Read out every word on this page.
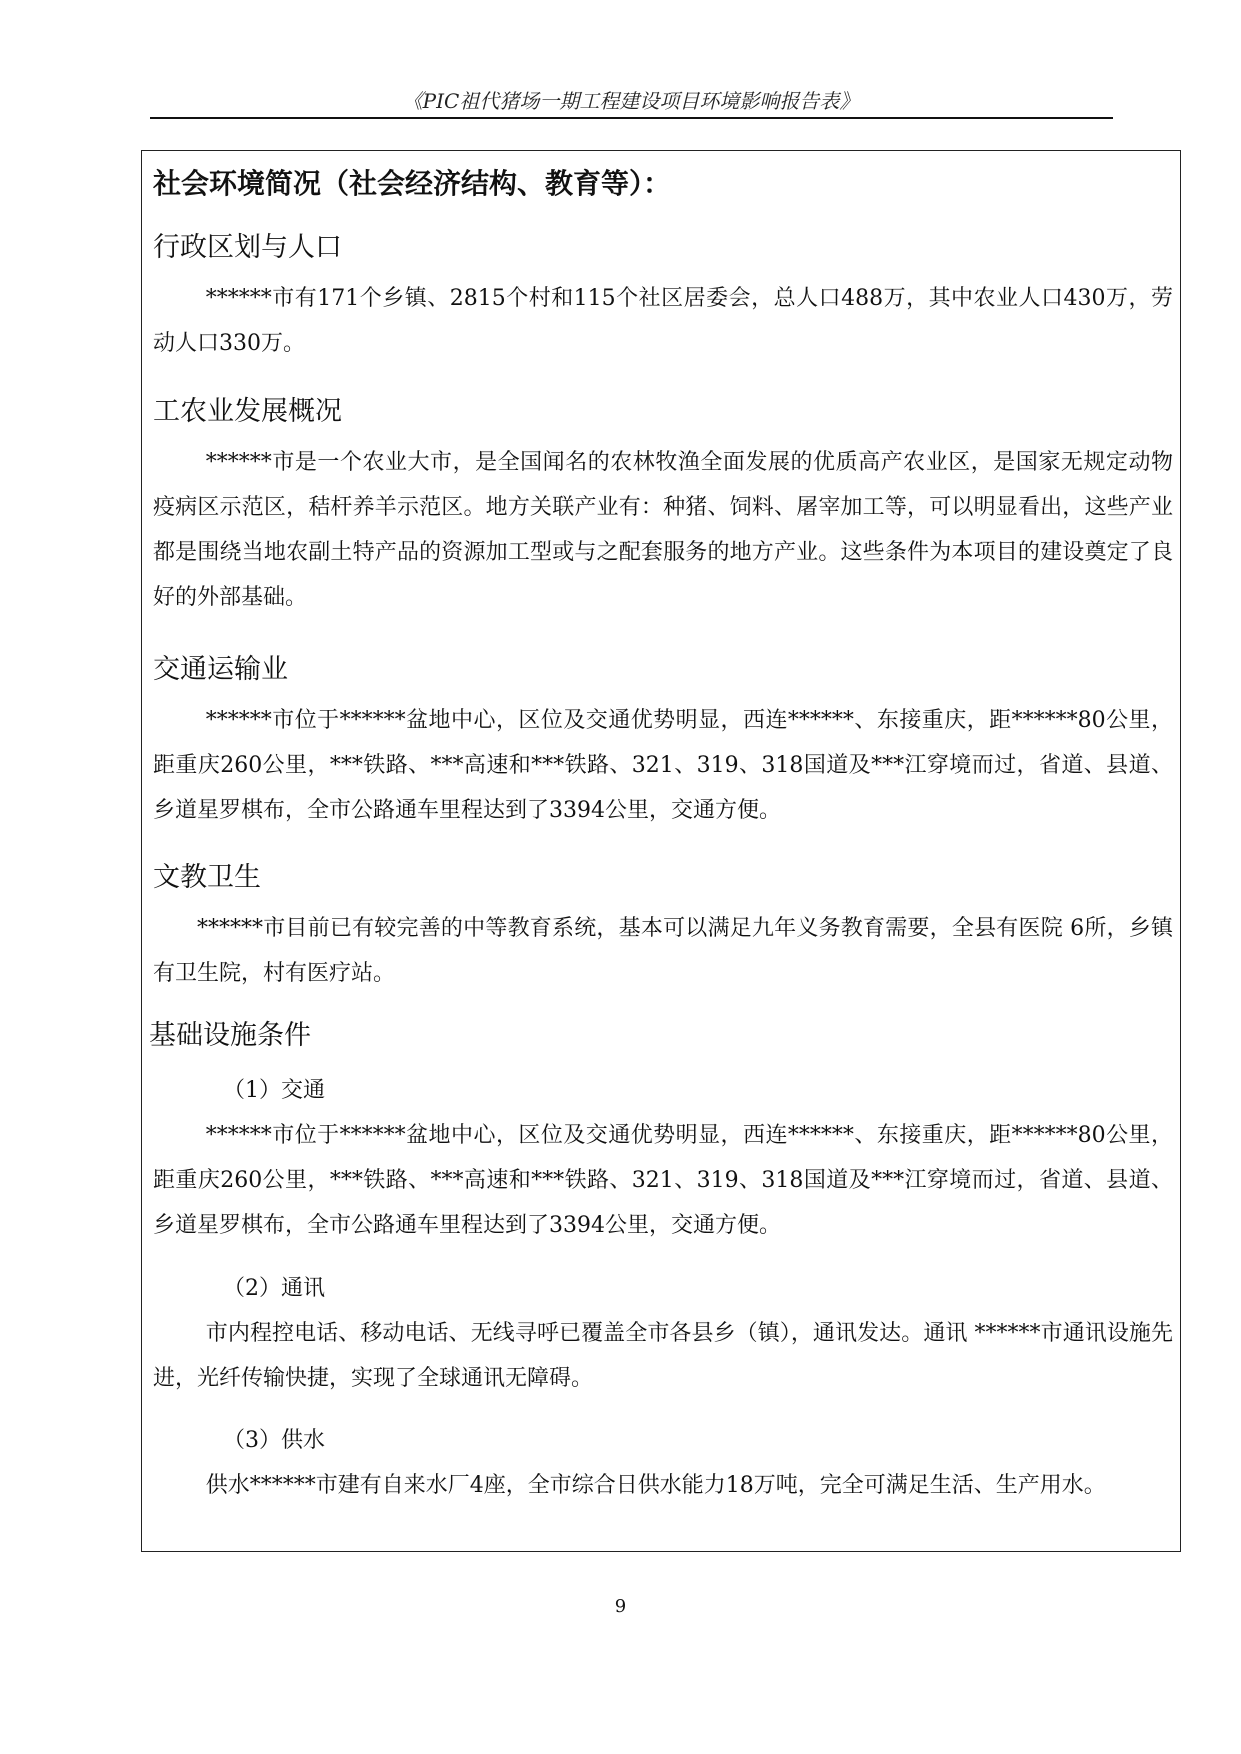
《PIC祖代猪场一期工程建设项目环境影响报告表》
社会环境简况（社会经济结构、教育等）：
行政区划与人口
******市有171个乡镇、2815个村和115个社区居委会，总人口488万，其中农业人口430万，劳动人口330万。
工农业发展概况
******市是一个农业大市，是全国闻名的农林牧渔全面发展的优质高产农业区，是国家无规定动物疫病区示范区，秸杆养羊示范区。地方关联产业有：种猪、饲料、屠宰加工等，可以明显看出，这些产业都是围绕当地农副土特产品的资源加工型或与之配套服务的地方产业。这些条件为本项目的建设奠定了良好的外部基础。
交通运输业
******市位于******盆地中心，区位及交通优势明显，西连******、东接重庆，距******80公里，距重庆260公里，***铁路、***高速和***铁路、321、319、318国道及***江穿境而过，省道、县道、乡道星罗棋布，全市公路通车里程达到了3394公里，交通方便。
文教卫生
******市目前已有较完善的中等教育系统，基本可以满足九年义务教育需要，全县有医院 6所，乡镇有卫生院，村有医疗站。
基础设施条件
（1）交通
******市位于******盆地中心，区位及交通优势明显，西连******、东接重庆，距******80公里，距重庆260公里，***铁路、***高速和***铁路、321、319、318国道及***江穿境而过，省道、县道、乡道星罗棋布，全市公路通车里程达到了3394公里，交通方便。
（2）通讯
市内程控电话、移动电话、无线寻呼已覆盖全市各县乡（镇），通讯发达。通讯 ******市通讯设施先进，光纤传输快捷，实现了全球通讯无障碍。
（3）供水
供水******市建有自来水厂4座，全市综合日供水能力18万吨，完全可满足生活、生产用水。
9
